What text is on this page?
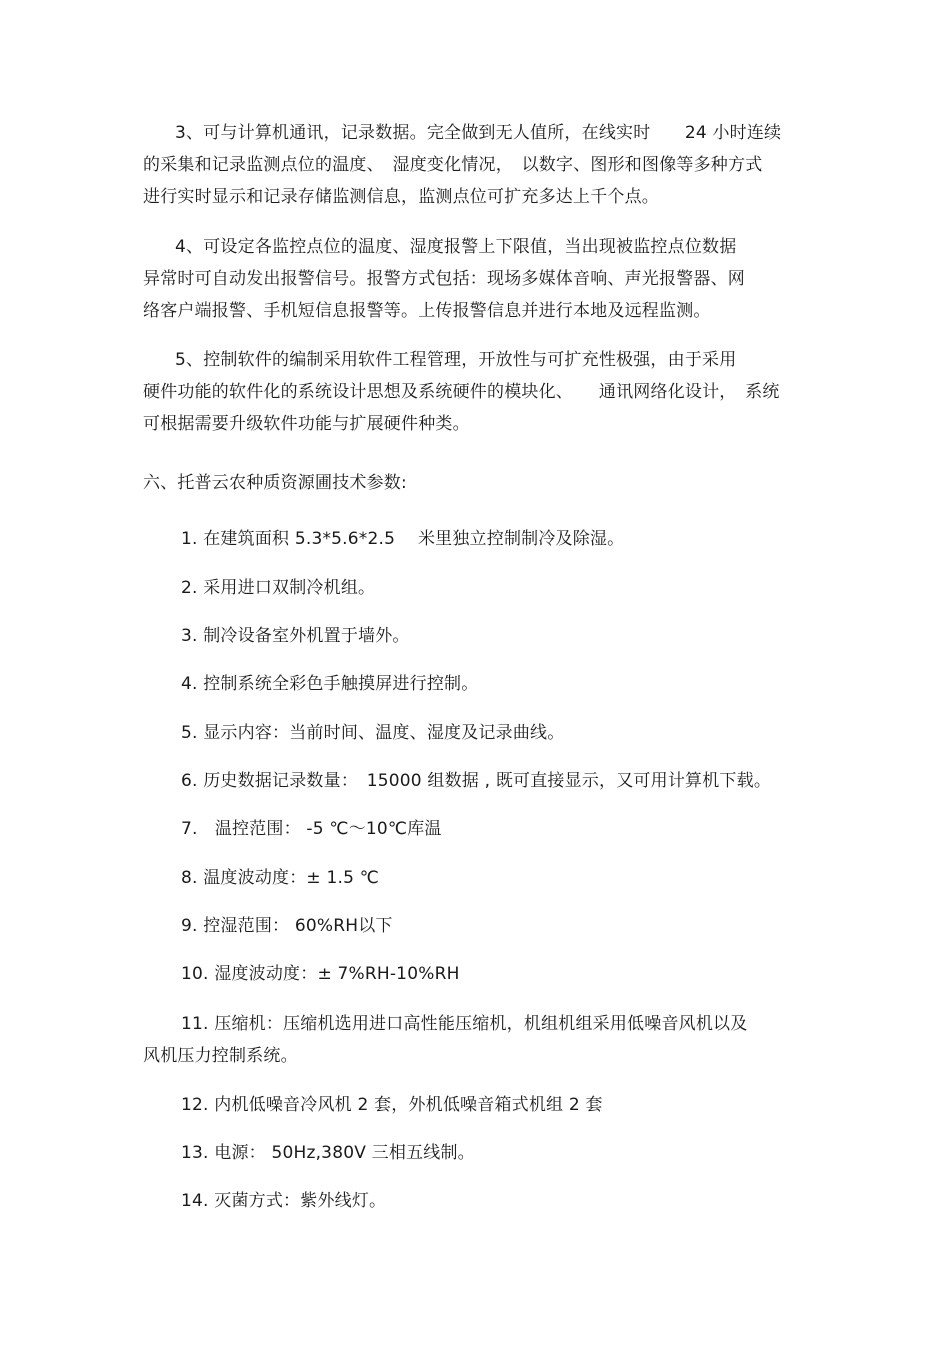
3、可与计算机通讯，记录数据。完全做到无人值所，在线实时　　24 小时连续
的采集和记录监测点位的温度、　湿度变化情况，　以数字、图形和图像等多种方式
进行实时显示和记录存储监测信息，监测点位可扩充多达上千个点。
4、可设定各监控点位的温度、湿度报警上下限值，当出现被监控点位数据
异常时可自动发出报警信号。报警方式包括：现场多媒体音响、声光报警器、网
络客户端报警、手机短信息报警等。上传报警信息并进行本地及远程监测。
5、控制软件的编制采用软件工程管理，开放性与可扩充性极强，由于采用
硬件功能的软件化的系统设计思想及系统硬件的模块化、　　通讯网络化设计，　系统
可根据需要升级软件功能与扩展硬件种类。
六、托普云农种质资源圃技术参数:
1. 在建筑面积 5.3*5.6*2.5　 米里独立控制制冷及除湿。
2. 采用进口双制冷机组。
3. 制冷设备室外机置于墙外。
4. 控制系统全彩色手触摸屏进行控制。
5. 显示内容：当前时间、温度、湿度及记录曲线。
6. 历史数据记录数量：　15000 组数据 , 既可直接显示，又可用计算机下载。
7.　温控范围： -5 ℃～10℃库温
8. 温度波动度：± 1.5 ℃
9. 控湿范围： 60%RH以下
10. 湿度波动度：± 7%RH-10%RH
11. 压缩机：压缩机选用进口高性能压缩机，机组机组采用低噪音风机以及
风机压力控制系统。
12. 内机低噪音冷风机 2 套，外机低噪音箱式机组 2 套
13. 电源： 50Hz,380V 三相五线制。
14. 灭菌方式：紫外线灯。
